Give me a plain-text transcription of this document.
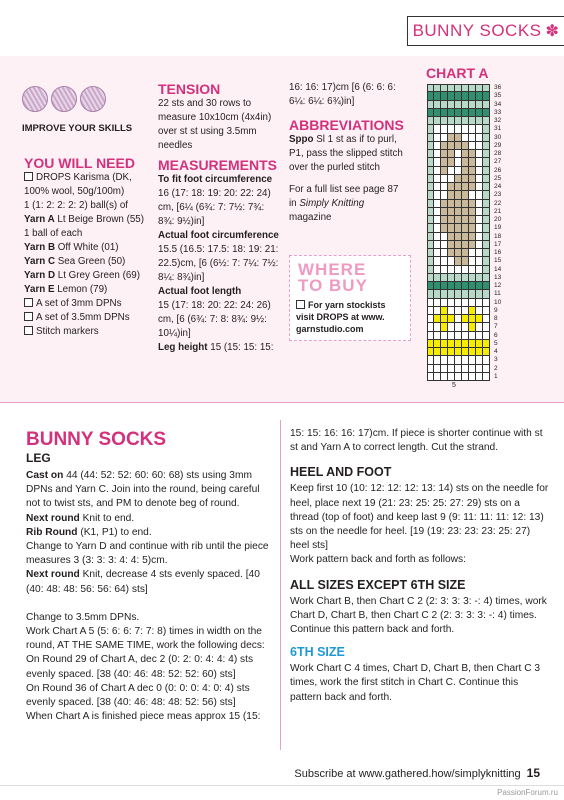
BUNNY SOCKS ✽
IMPROVE YOUR SKILLS
YOU WILL NEED
DROPS Karisma (DK, 100% wool, 50g/100m)
1 (1: 2: 2: 2: 2) ball(s) of Yarn A Lt Beige Brown (55)
1 ball of each
Yarn B Off White (01)
Yarn C Sea Green (50)
Yarn D Lt Grey Green (69)
Yarn E Lemon (79)
A set of 3mm DPNs
A set of 3.5mm DPNs
Stitch markers
TENSION
22 sts and 30 rows to measure 10x10cm (4x4in) over st st using 3.5mm needles
MEASUREMENTS
To fit foot circumference
16 (17: 18: 19: 20: 22: 24) cm, [6¼ (6¾: 7: 7½: 7¾: 8¾: 9½)in]
Actual foot circumference
15.5 (16.5: 17.5: 18: 19: 21: 22.5)cm, [6 (6½: 7: 7¼: 7½: 8¼: 8¾)in]
Actual foot length
15 (17: 18: 20: 22: 24: 26) cm, [6 (6¾: 7: 8: 8¾: 9½: 10¼)in]
Leg height 15 (15: 15: 15:
16: 16: 17)cm [6 (6: 6: 6: 6¼: 6¼: 6¾)in]
ABBREVIATIONS
Sppo Sl 1 st as if to purl, P1, pass the slipped stitch over the purled stitch
For a full list see page 87 in Simply Knitting magazine
WHERE
TO BUY
For yarn stockists visit DROPS at www. garnstudio.com
CHART A
36
35
34
33
32
31
30
29
28
27
26
25
24
23
22
21
20
19
18
17
16
15
14
13
12
11
10
9
8
7
6
5
4
3
2
1
5
BUNNY SOCKS
LEG
Cast on 44 (44: 52: 52: 60: 60: 68) sts using 3mm DPNs and Yarn C. Join into the round, being careful not to twist sts, and PM to denote beg of round.
Next round Knit to end.
Rib Round (K1, P1) to end.
Change to Yarn D and continue with rib until the piece measures 3 (3: 3: 3: 4: 4: 5)cm.
Next round Knit, decrease 4 sts evenly spaced. [40 (40: 48: 48: 56: 56: 64) sts]
Change to 3.5mm DPNs.
Work Chart A 5 (5: 6: 6: 7: 7: 8) times in width on the round, AT THE SAME TIME, work the following decs:
On Round 29 of Chart A, dec 2 (0: 2: 0: 4: 4: 4) sts evenly spaced. [38 (40: 46: 48: 52: 52: 60) sts]
On Round 36 of Chart A dec 0 (0: 0: 0: 4: 0: 4) sts evenly spaced. [38 (40: 46: 48: 48: 52: 56) sts]
When Chart A is finished piece meas approx 15 (15:
15: 15: 16: 16: 17)cm. If piece is shorter continue with st st and Yarn A to correct length. Cut the strand.
HEEL AND FOOT
Keep first 10 (10: 12: 12: 12: 13: 14) sts on the needle for heel, place next 19 (21: 23: 25: 25: 27: 29) sts on a thread (top of foot) and keep last 9 (9: 11: 11: 11: 12: 13) sts on the needle for heel. [19 (19: 23: 23: 23: 25: 27) heel sts]
Work pattern back and forth as follows:
ALL SIZES EXCEPT 6TH SIZE
Work Chart B, then Chart C 2 (2: 3: 3: 3: -: 4) times, work Chart D, Chart B, then Chart C 2 (2: 3: 3: 3: -: 4) times. Continue this pattern back and forth.
6TH SIZE
Work Chart C 4 times, Chart D, Chart B, then Chart C 3 times, work the first stitch in Chart C. Continue this pattern back and forth.
Subscribe at www.gathered.how/simplyknitting 15
PassionForum.ru
